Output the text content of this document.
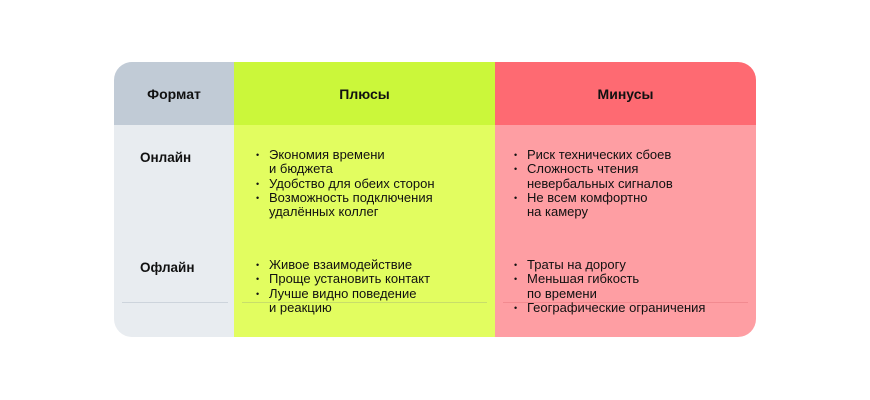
Формат	Плюсы	Минусы
Онлайн
Офлайн
• Экономия времени
и бюджета
• Удобство для обеих сторон
• Возможность подключения
удалённых коллег
• Живое взаимодействие
• Проще установить контакт
• Лучше видно поведение
и реакцию
• Риск технических сбоев
• Сложность чтения
невербальных сигналов
• Не всем комфортно
на камеру
• Траты на дорогу
• Меньшая гибкость
по времени
• Географические ограничения
